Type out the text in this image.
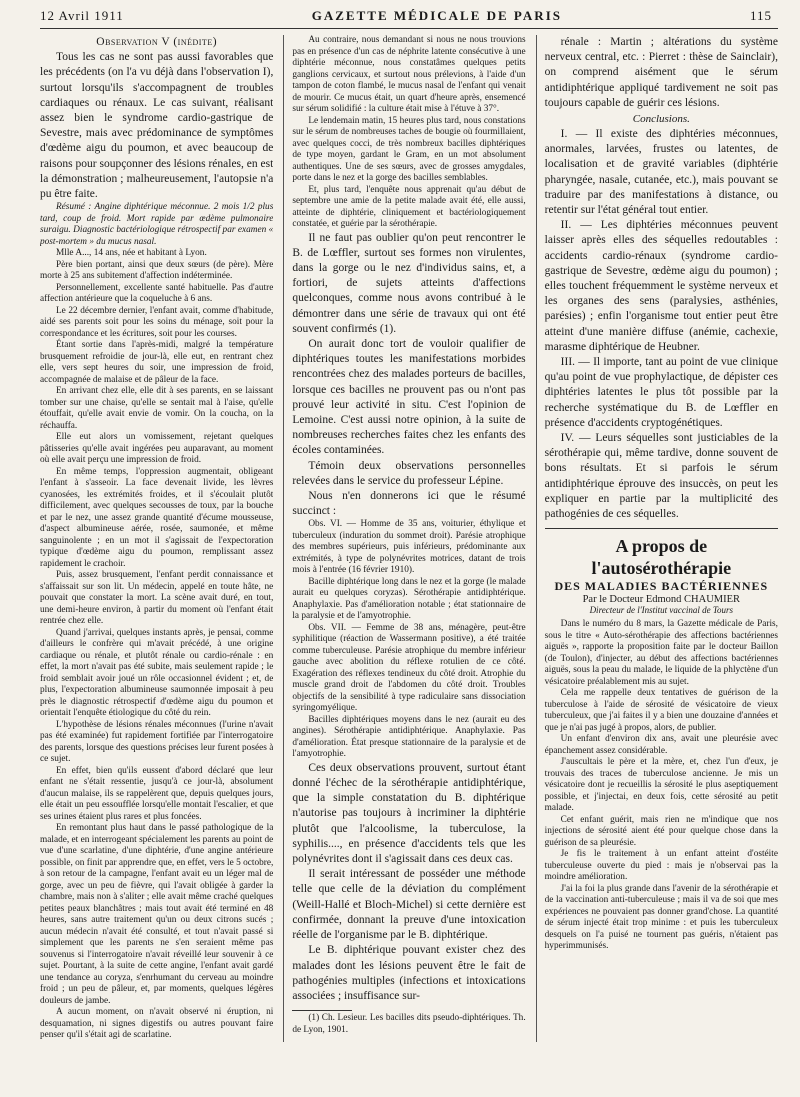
12 Avril 1911	GAZETTE MÉDICALE DE PARIS	115

Observation V (inédite)

Tous les cas ne sont pas aussi favorables que les précédents (on l'a vu déjà dans l'observation I), surtout lorsqu'ils s'accompagnent de troubles cardiaques ou rénaux. Le cas suivant, réalisant assez bien le syndrome cardio-gastrique de Sevestre, mais avec prédominance de symptômes d'œdème aigu du poumon, et avec beaucoup de raisons pour soupçonner des lésions rénales, en est la démonstration ; malheureusement, l'autopsie n'a pu être faite.

Résumé : Angine diphtérique méconnue. 2 mois 1/2 plus tard, coup de froid. Mort rapide par œdème pulmonaire suraigu. Diagnostic bactériologique rétrospectif par examen « post-mortem » du mucus nasal.

Mlle A..., 14 ans, née et habitant à Lyon.

Père bien portant, ainsi que deux sœurs (de père). Mère morte à 25 ans subitement d'affection indéterminée.

Personnellement, excellente santé habituelle. Pas d'autre affection antérieure que la coqueluche à 6 ans.

Le 22 décembre dernier, l'enfant avait, comme d'habitude, aidé ses parents soit pour les soins du ménage, soit pour la correspondance et les écritures, soit pour les courses.

Étant sortie dans l'après-midi, malgré la température brusquement refroidie de jour-là, elle eut, en rentrant chez elle, vers sept heures du soir, une impression de froid, accompagnée de malaise et de pâleur de la face.

En arrivant chez elle, elle dit à ses parents, en se laissant tomber sur une chaise, qu'elle se sentait mal à l'aise, qu'elle étouffait, qu'elle avait envie de vomir. On la coucha, on la réchauffa.

Elle eut alors un vomissement, rejetant quelques pâtisseries qu'elle avait ingérées peu auparavant, au moment où elle avait perçu une impression de froid.

En même temps, l'oppression augmentait, obligeant l'enfant à s'asseoir. La face devenait livide, les lèvres cyanosées, les extrémités froides, et il s'écoulait plutôt difficilement, avec quelques secousses de toux, par la bouche et par le nez, une assez grande quantité d'écume mousseuse, d'aspect albumineuse aérée, rosée, saumonée, et même sanguinolente ; en un mot il s'agissait de l'expectoration typique d'œdème aigu du poumon, remplissant assez rapidement le crachoir.

Puis, assez brusquement, l'enfant perdit connaissance et s'affaissait sur son lit. Un médecin, appelé en toute hâte, ne pouvait que constater la mort. La scène avait duré, en tout, une demi-heure environ, à partir du moment où l'enfant était rentrée chez elle.

Quand j'arrivai, quelques instants après, je pensai, comme d'ailleurs le confrère qui m'avait précédé, à une origine cardiaque ou rénale, et plutôt rénale ou cardio-rénale : en effet, la mort n'avait pas été subite, mais seulement rapide ; le froid semblait avoir joué un rôle occasionnel évident ; et, de plus, l'expectoration albumineuse saumonnée imposait à peu près le diagnostic rétrospectif d'œdème aigu du poumon et orientait l'enquête étiologique du côté du rein.

L'hypothèse de lésions rénales méconnues (l'urine n'avait pas été examinée) fut rapidement fortifiée par l'interrogatoire des parents, lorsque des questions précises leur furent posées à ce sujet.

En effet, bien qu'ils eussent d'abord déclaré que leur enfant ne s'était ressentie, jusqu'à ce jour-là, absolument d'aucun malaise, ils se rappelèrent que, depuis quelques jours, elle était un peu essoufflée lorsqu'elle montait l'escalier, et que ses urines étaient plus rares et plus foncées.

En remontant plus haut dans le passé pathologique de la malade, et en interrogeant spécialement les parents au point de vue d'une scarlatine, d'une diphtérie, d'une angine antérieure possible, on finit par apprendre que, en effet, vers le 5 octobre, à son retour de la campagne, l'enfant avait eu un léger mal de gorge, avec un peu de fièvre, qui l'avait obligée à garder la chambre, mais non à s'aliter ; elle avait même craché quelques petites peaux blanchâtres ; mais tout avait été terminé en 48 heures, sans autre traitement qu'un ou deux citrons sucés ; aucun médecin n'avait été consulté, et tout n'avait passé si simplement que les parents ne s'en seraient même pas souvenus si l'interrogatoire n'avait réveillé leur souvenir à ce sujet. Pourtant, à la suite de cette angine, l'enfant avait gardé une tendance au coryza, s'enrhumant du cerveau au moindre froid ; un peu de pâleur, et, par moments, quelques légères douleurs de jambe.

A aucun moment, on n'avait observé ni éruption, ni desquamation, ni signes digestifs ou autres pouvant faire penser qu'il s'était agi de scarlatine.

Au contraire, nous demandant si nous ne nous trouvions pas en présence d'un cas de néphrite latente consécutive à une diphtérie méconnue, nous constatâmes quelques petits ganglions cervicaux, et surtout nous prélevions, à l'aide d'un tampon de coton flambé, le mucus nasal de l'enfant qui venait de mourir. Ce mucus était, un quart d'heure après, ensemencé sur sérum solidifié : la culture était mise à l'étuve à 37°.

Le lendemain matin, 15 heures plus tard, nous constations sur le sérum de nombreuses taches de bougie où fourmillaient, avec quelques cocci, de très nombreux bacilles diphtériques de type moyen, gardant le Gram, en un mot absolument authentiques. Une de ses sœurs, avec de grosses amygdales, porte dans le nez et la gorge des bacilles semblables.

Et, plus tard, l'enquête nous apprenait qu'au début de septembre une amie de la petite malade avait été, elle aussi, atteinte de diphtérie, cliniquement et bactériologiquement constatée, et guérie par la sérothérapie.

Il ne faut pas oublier qu'on peut rencontrer le B. de Lœffler, surtout ses formes non virulentes, dans la gorge ou le nez d'individus sains, et, a fortiori, de sujets atteints d'affections quelconques, comme nous avons contribué à le démontrer dans une série de travaux qui ont été souvent confirmés (1).

On aurait donc tort de vouloir qualifier de diphtériques toutes les manifestations morbides rencontrées chez des malades porteurs de bacilles, lorsque ces bacilles ne prouvent pas ou n'ont pas prouvé leur activité in situ. C'est l'opinion de Lemoine. C'est aussi notre opinion, à la suite de nombreuses recherches faites chez les enfants des écoles contaminées.

Témoin deux observations personnelles relevées dans le service du professeur Lépine.

Nous n'en donnerons ici que le résumé succinct :

Obs. VI. — Homme de 35 ans, voiturier, éthylique et tuberculeux (induration du sommet droit). Parésie atrophique des membres supérieurs, puis inférieurs, prédominante aux extrémités, à type de polynévrites motrices, datant de trois mois à l'entrée (16 février 1910).

Bacille diphtérique long dans le nez et la gorge (le malade aurait eu quelques coryzas). Sérothérapie antidiphtérique. Anaphylaxie. Pas d'amélioration notable ; état stationnaire de la paralysie et de l'amyotrophie.

Obs. VII. — Femme de 38 ans, ménagère, peut-être syphilitique (réaction de Wassermann positive), a été traitée comme tuberculeuse. Parésie atrophique du membre inférieur gauche avec abolition du réflexe rotulien de ce côté. Exagération des réflexes tendineux du côté droit. Atrophie du muscle grand droit de l'abdomen du côté droit. Troubles objectifs de la sensibilité à type radiculaire sans dissociation syringomyélique.

Bacilles diphtériques moyens dans le nez (aurait eu des angines). Sérothérapie antidiphtérique. Anaphylaxie. Pas d'amélioration. État presque stationnaire de la paralysie et de l'amyotrophie.

Ces deux observations prouvent, surtout étant donné l'échec de la sérothérapie antidiphtérique, que la simple constatation du B. diphtérique n'autorise pas toujours à incriminer la diphtérie plutôt que l'alcoolisme, la tuberculose, la syphilis...., en présence d'accidents tels que les polynévrites dont il s'agissait dans ces deux cas.

Il serait intéressant de posséder une méthode telle que celle de la déviation du complément (Weill-Hallé et Bloch-Michel) si cette dernière est confirmée, donnant la preuve d'une intoxication réelle de l'organisme par le B. diphtérique.

Le B. diphtérique pouvant exister chez des malades dont les lésions peuvent être le fait de pathogénies multiples (infections et intoxications associées ; insuffisance sur-

(1) Ch. Lesieur. Les bacilles dits pseudo-diphtériques. Th. de Lyon, 1901.

rénale : Martin ; altérations du système nerveux central, etc. : Pierret : thèse de Sainclair), on comprend aisément que le sérum antidiphtérique appliqué tardivement ne soit pas toujours capable de guérir ces lésions.

Conclusions.

I. — Il existe des diphtéries méconnues, anormales, larvées, frustes ou latentes, de localisation et de gravité variables (diphtérie pharyngée, nasale, cutanée, etc.), mais pouvant se traduire par des manifestations à distance, ou retentir sur l'état général tout entier.

II. — Les diphtéries méconnues peuvent laisser après elles des séquelles redoutables : accidents cardio-rénaux (syndrome cardio-gastrique de Sevestre, œdème aigu du poumon) ; elles touchent fréquemment le système nerveux et les organes des sens (paralysies, asthénies, parésies) ; enfin l'organisme tout entier peut être atteint d'une manière diffuse (anémie, cachexie, marasme diphtérique de Heubner.

III. — Il importe, tant au point de vue clinique qu'au point de vue prophylactique, de dépister ces diphtéries latentes le plus tôt possible par la recherche systématique du B. de Lœffler en présence d'accidents cryptogénétiques.

IV. — Leurs séquelles sont justiciables de la sérothérapie qui, même tardive, donne souvent de bons résultats. Et si parfois le sérum antidiphtérique éprouve des insuccès, on peut les expliquer en partie par la multiplicité des pathogénies de ces séquelles.

A propos de l'autosérothérapie

DES MALADIES BACTÉRIENNES

Par le Docteur Edmond CHAUMIER

Directeur de l'Institut vaccinal de Tours

Dans le numéro du 8 mars, la Gazette médicale de Paris, sous le titre « Auto-sérothérapie des affections bactériennes aiguës », rapporte la proposition faite par le docteur Baillon (de Toulon), d'injecter, au début des affections bactériennes aiguës, sous la peau du malade, le liquide de la phlyctène d'un vésicatoire préalablement mis au sujet.

Cela me rappelle deux tentatives de guérison de la tuberculose à l'aide de sérosité de vésicatoire de vieux tuberculeux, que j'ai faites il y a bien une douzaine d'années et que je n'ai pas jugé à propos, alors, de publier.

Un enfant d'environ dix ans, avait une pleurésie avec épanchement assez considérable.

J'auscultais le père et la mère, et, chez l'un d'eux, je trouvais des traces de tuberculose ancienne. Je mis un vésicatoire dont je recueillis la sérosité le plus aseptiquement possible, et j'injectai, en deux fois, cette sérosité au petit malade.

Cet enfant guérit, mais rien ne m'indique que nos injections de sérosité aient été pour quelque chose dans la guérison de sa pleurésie.

Je fis le traitement à un enfant atteint d'ostéite tuberculeuse ouverte du pied : mais je n'observai pas la moindre amélioration.

J'ai la foi la plus grande dans l'avenir de la sérothérapie et de la vaccination anti-tuberculeuse ; mais il va de soi que mes expériences ne pouvaient pas donner grand'chose. La quantité de sérum injecté était trop minime : et puis les tuberculeux desquels on l'a puisé ne tournent pas guéris, n'étaient pas hyperimmunisés.
